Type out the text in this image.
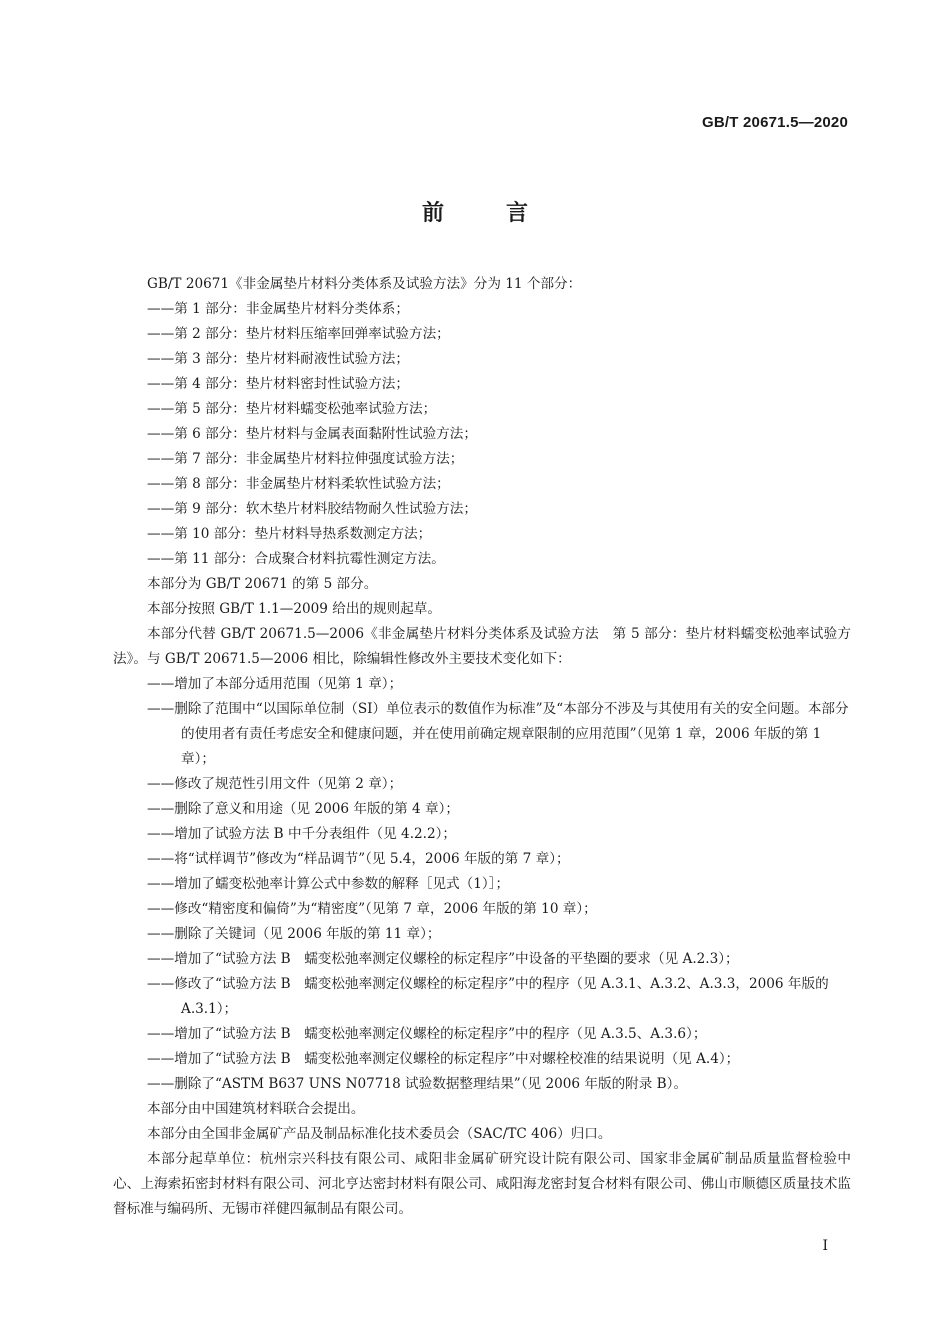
GB/T 20671.5—2020
前	言

GB/T 20671《非金属垫片材料分类体系及试验方法》分为 11 个部分：

——第 1 部分：非金属垫片材料分类体系；

——第 2 部分：垫片材料压缩率回弹率试验方法；

——第 3 部分：垫片材料耐液性试验方法；

——第 4 部分：垫片材料密封性试验方法；

——第 5 部分：垫片材料蠕变松弛率试验方法；

——第 6 部分：垫片材料与金属表面黏附性试验方法；

——第 7 部分：非金属垫片材料拉伸强度试验方法；

——第 8 部分：非金属垫片材料柔软性试验方法；

——第 9 部分：软木垫片材料胶结物耐久性试验方法；

——第 10 部分：垫片材料导热系数测定方法；

——第 11 部分：合成聚合材料抗霉性测定方法。

本部分为 GB/T 20671 的第 5 部分。

本部分按照 GB/T 1.1—2009 给出的规则起草。

本部分代替 GB/T 20671.5—2006《非金属垫片材料分类体系及试验方法　第 5 部分：垫片材料蠕变松弛率试验方法》。与 GB/T 20671.5—2006 相比，除编辑性修改外主要技术变化如下：

——增加了本部分适用范围（见第 1 章）；

——删除了范围中“以国际单位制（SI）单位表示的数值作为标准”及“本部分不涉及与其使用有关的安全问题。本部分的使用者有责任考虑安全和健康问题，并在使用前确定规章限制的应用范围”（见第 1 章，2006 年版的第 1 章）；

——修改了规范性引用文件（见第 2 章）；

——删除了意义和用途（见 2006 年版的第 4 章）；

——增加了试验方法 B 中千分表组件（见 4.2.2）；

——将“试样调节”修改为“样品调节”（见 5.4，2006 年版的第 7 章）；

——增加了蠕变松弛率计算公式中参数的解释［见式（1）］；

——修改“精密度和偏倚”为“精密度”（见第 7 章，2006 年版的第 10 章）；

——删除了关键词（见 2006 年版的第 11 章）；

——增加了“试验方法 B　蠕变松弛率测定仪螺栓的标定程序”中设备的平垫圈的要求（见 A.2.3）；

——修改了“试验方法 B　蠕变松弛率测定仪螺栓的标定程序”中的程序（见 A.3.1、A.3.2、A.3.3，2006 年版的 A.3.1）；

——增加了“试验方法 B　蠕变松弛率测定仪螺栓的标定程序”中的程序（见 A.3.5、A.3.6）；

——增加了“试验方法 B　蠕变松弛率测定仪螺栓的标定程序”中对螺栓校准的结果说明（见 A.4）；

——删除了“ASTM B637 UNS N07718 试验数据整理结果”（见 2006 年版的附录 B）。

本部分由中国建筑材料联合会提出。

本部分由全国非金属矿产品及制品标准化技术委员会（SAC/TC 406）归口。

本部分起草单位：杭州宗兴科技有限公司、咸阳非金属矿研究设计院有限公司、国家非金属矿制品质量监督检验中心、上海索拓密封材料有限公司、河北亨达密封材料有限公司、咸阳海龙密封复合材料有限公司、佛山市顺德区质量技术监督标准与编码所、无锡市祥健四氟制品有限公司。

I
